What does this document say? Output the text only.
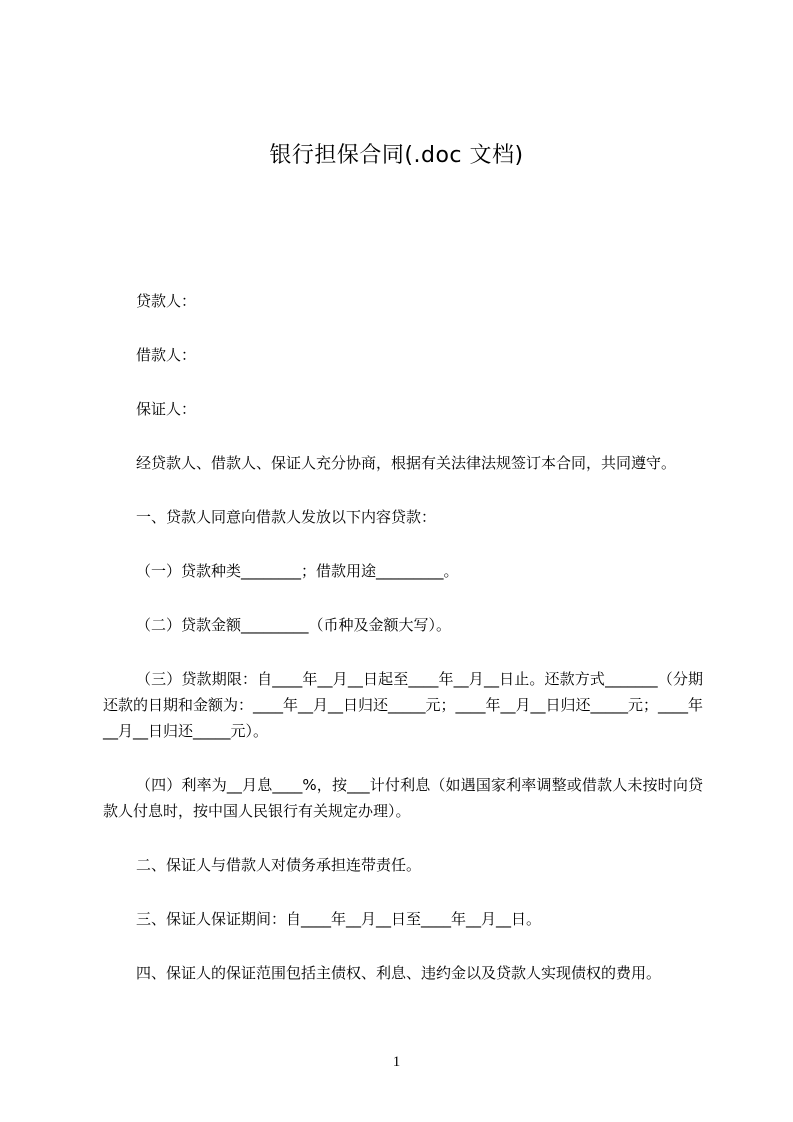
银行担保合同(.doc 文档)

贷款人：

借款人：

保证人：

经贷款人、借款人、保证人充分协商，根据有关法律法规签订本合同，共同遵守。

一、贷款人同意向借款人发放以下内容贷款：

（一）贷款种类________；借款用途_________。

（二）贷款金额_________（币种及金额大写）。

（三）贷款期限：自____年__月__日起至____年__月__日止。还款方式_______（分期还款的日期和金额为：____年__月__日归还_____元；____年__月__日归还_____元；____年__月__日归还_____元）。

（四）利率为__月息____%，按___计付利息（如遇国家利率调整或借款人未按时向贷款人付息时，按中国人民银行有关规定办理）。

二、保证人与借款人对债务承担连带责任。

三、保证人保证期间：自____年__月__日至____年__月__日。

四、保证人的保证范围包括主债权、利息、违约金以及贷款人实现债权的费用。

1
